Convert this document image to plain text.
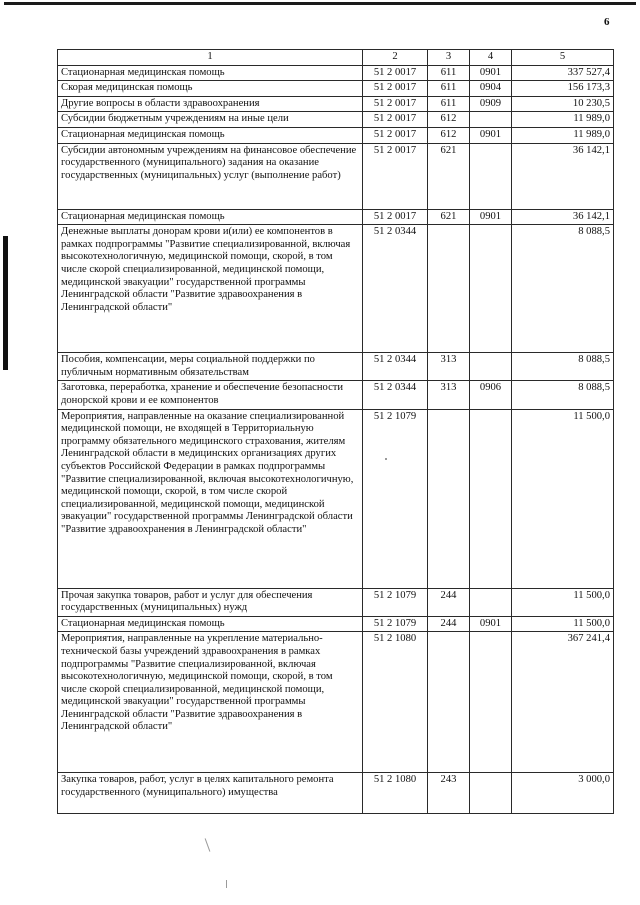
6
1	2	3	4	5
Стационарная медицинская помощь	51 2 0017	611	0901	337 527,4
Скорая медицинская помощь	51 2 0017	611	0904	156 173,3
Другие вопросы в области здравоохранения	51 2 0017	611	0909	10 230,5
Субсидии бюджетным учреждениям на иные цели	51 2 0017	612		11 989,0
Стационарная медицинская помощь	51 2 0017	612	0901	11 989,0
Субсидии автономным учреждениям на финансовое обеспечение государственного (муниципального) задания на оказание государственных (муниципальных) услуг (выполнение работ)	51 2 0017	621		36 142,1
Стационарная медицинская помощь	51 2 0017	621	0901	36 142,1
Денежные выплаты донорам крови и(или) ее компонентов в рамках подпрограммы "Развитие специализированной, включая высокотехнологичную, медицинской помощи, скорой, в том числе скорой специализированной, медицинской помощи, медицинской эвакуации" государственной программы Ленинградской области "Развитие здравоохранения в Ленинградской области"	51 2 0344			8 088,5
Пособия, компенсации, меры социальной поддержки по публичным нормативным обязательствам	51 2 0344	313		8 088,5
Заготовка, переработка, хранение и обеспечение безопасности донорской крови и ее компонентов	51 2 0344	313	0906	8 088,5
Мероприятия, направленные на оказание специализированной медицинской помощи, не входящей в Территориальную программу обязательного медицинского страхования, жителям Ленинградской области в медицинских организациях других субъектов Российской Федерации в рамках подпрограммы "Развитие специализированной, включая высокотехнологичную, медицинской помощи, скорой, в том числе скорой специализированной, медицинской помощи, медицинской эвакуации" государственной программы Ленинградской области "Развитие здравоохранения в Ленинградской области"	51 2 1079			11 500,0
Прочая закупка товаров, работ и услуг для обеспечения государственных (муниципальных) нужд	51 2 1079	244		11 500,0
Стационарная медицинская помощь	51 2 1079	244	0901	11 500,0
Мероприятия, направленные на укрепление материально-технической базы учреждений здравоохранения в рамках подпрограммы "Развитие специализированной, включая высокотехнологичную, медицинской помощи, скорой, в том числе скорой специализированной, медицинской помощи, медицинской эвакуации" государственной программы Ленинградской области "Развитие здравоохранения в Ленинградской области"	51 2 1080			367 241,4
Закупка товаров, работ, услуг в целях капитального ремонта государственного (муниципального) имущества	51 2 1080	243		3 000,0
